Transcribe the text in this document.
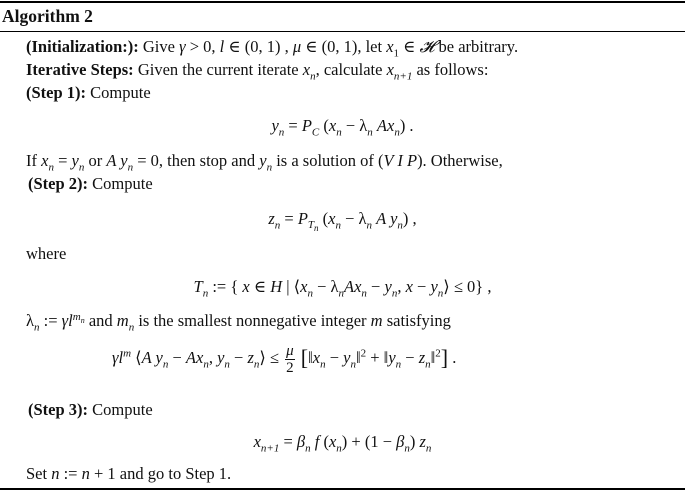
Algorithm 2
(Initialization:): Give γ > 0, l ∈ (0, 1) , μ ∈ (0, 1), let $x_1$ ∈ 𝓗 be arbitrary.
Iterative Steps: Given the current iterate $x_n$, calculate $x_{n+1}$ as follows:
(Step 1): Compute
$y_n = P_C$ ($x_n - \lambda_n$ $Ax_n$) .
If $x_n = y_n$ or A $y_n = 0$, then stop and $y_n$ is a solution of (V I P). Otherwise,
(Step 2): Compute
$z_n = P_{T_n}$ ($x_n - \lambda_n$ A $y_n$) ,
where
$T_n$ := { x ∈ H | $⟨x_n - \lambda_nAx_n - y_n$, $x - y_n⟩ \le 0$} ,
$\lambda_n$ := $\gamma l^{m_n}$ and $m_n$ is the smallest nonnegative integer m satisfying
$\gamma l^m$ ⟨A $y_n - Ax_n$, $y_n$ − $z_n⟩ \le \frac{\mu}{2}$ [$‖x_n$ − $y_n‖^2$ + $‖y_n$ − $z_n‖^2$] .
(Step 3): Compute
$x_{n+1} = \beta_n$ f $(x_n) + (1 - \beta_n)$ $z_n$
Set n := n + 1 and go to Step 1.
